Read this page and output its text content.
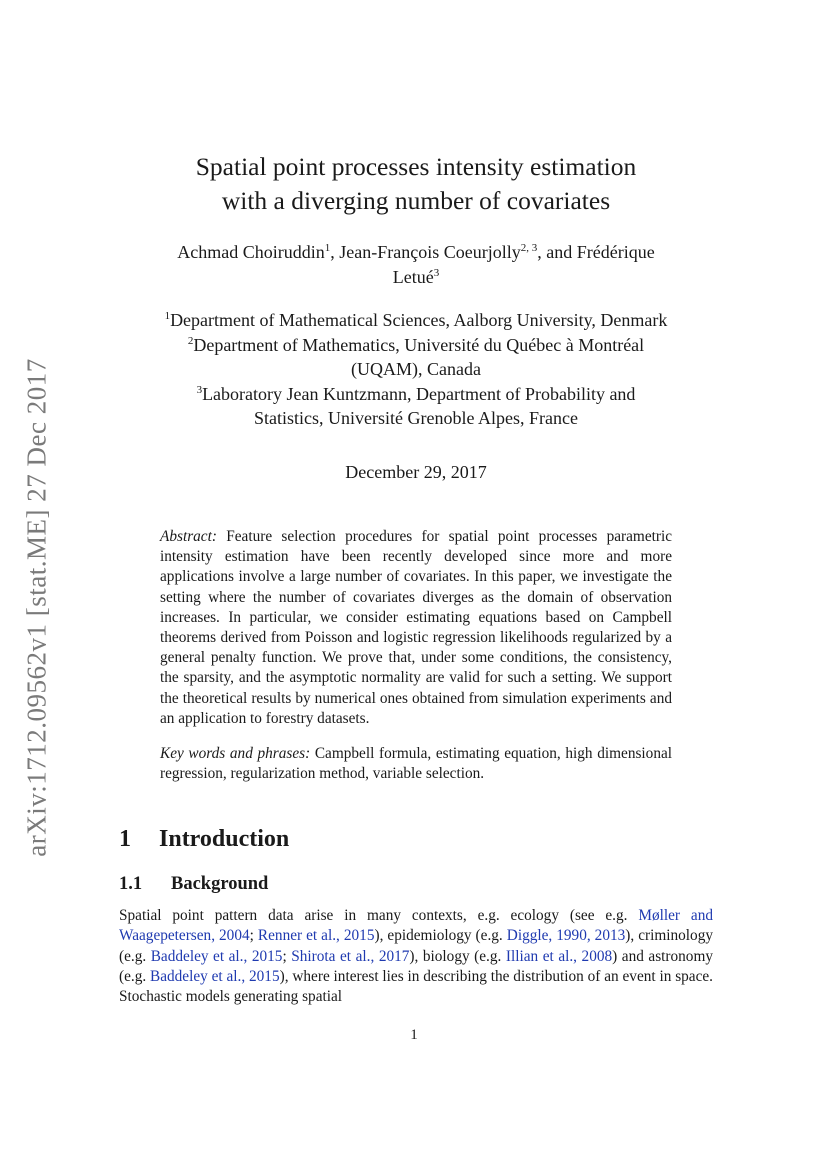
arXiv:1712.09562v1 [stat.ME] 27 Dec 2017
Spatial point processes intensity estimation
with a diverging number of covariates
Achmad Choiruddin$^1$, Jean-François Coeurjolly$^{2, 3}$, and Frédérique
Letué$^3$
$^1$Department of Mathematical Sciences, Aalborg University, Denmark
$^2$Department of Mathematics, Université du Québec à Montréal
(UQAM), Canada
$^3$Laboratory Jean Kuntzmann, Department of Probability and
Statistics, Université Grenoble Alpes, France
December 29, 2017

Abstract: Feature selection procedures for spatial point processes parametric intensity estimation have been recently developed since more and more applications involve a large number of covariates. In this paper, we investigate the setting where the number of covariates diverges as the domain of observation increases. In particular, we consider estimating equations based on Campbell theorems derived from Poisson and logistic regression likelihoods regularized by a general penalty function. We prove that, under some conditions, the consistency, the sparsity, and the asymptotic normality are valid for such a setting. We support the theoretical results by numerical ones obtained from simulation experiments and an application to forestry datasets.

Key words and phrases: Campbell formula, estimating equation, high dimensional regression, regularization method, variable selection.

1 Introduction
1.1 Background

Spatial point pattern data arise in many contexts, e.g. ecology (see e.g. Møller and Waagepetersen, 2004; Renner et al., 2015), epidemiology (e.g. Diggle, 1990, 2013), criminology (e.g. Baddeley et al., 2015; Shirota et al., 2017), biology (e.g. Illian et al., 2008) and astronomy (e.g. Baddeley et al., 2015), where interest lies in describing the distribution of an event in space. Stochastic models generating spatial

1
